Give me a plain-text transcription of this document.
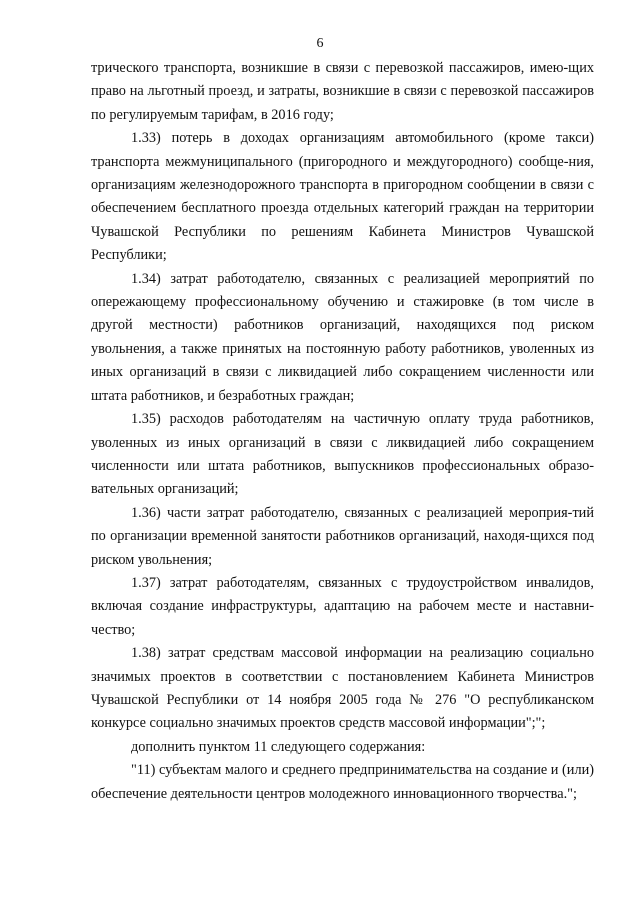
6

трического транспорта, возникшие в связи с перевозкой пассажиров, имею-щих право на льготный проезд, и затраты, возникшие в связи с перевозкой пассажиров по регулируемым тарифам, в 2016 году;

1.33) потерь в доходах организациям автомобильного (кроме такси) транспорта межмуниципального (пригородного и междугородного) сообще-ния, организациям железнодорожного транспорта в пригородном сообщении в связи с обеспечением бесплатного проезда отдельных категорий граждан на территории Чувашской Республики по решениям Кабинета Министров Чувашской Республики;

1.34) затрат работодателю, связанных с реализацией мероприятий по опережающему профессиональному обучению и стажировке (в том числе в другой местности) работников организаций, находящихся под риском увольнения, а также принятых на постоянную работу работников, уволенных из иных организаций в связи с ликвидацией либо сокращением численности или штата работников, и безработных граждан;

1.35) расходов работодателям на частичную оплату труда работников, уволенных из иных организаций в связи с ликвидацией либо сокращением численности или штата работников, выпускников профессиональных образо-вательных организаций;

1.36) части затрат работодателю, связанных с реализацией мероприя-тий по организации временной занятости работников организаций, находя-щихся под риском увольнения;

1.37) затрат работодателям, связанных с трудоустройством инвалидов, включая создание инфраструктуры, адаптацию на рабочем месте и наставни-чество;

1.38) затрат средствам массовой информации на реализацию социально значимых проектов в соответствии с постановлением Кабинета Министров Чувашской Республики от 14 ноября 2005 года № 276 "О республиканском конкурсе социально значимых проектов средств массовой информации";";

дополнить пунктом 11 следующего содержания:

"11) субъектам малого и среднего предпринимательства на создание и (или) обеспечение деятельности центров молодежного инновационного творчества.";
